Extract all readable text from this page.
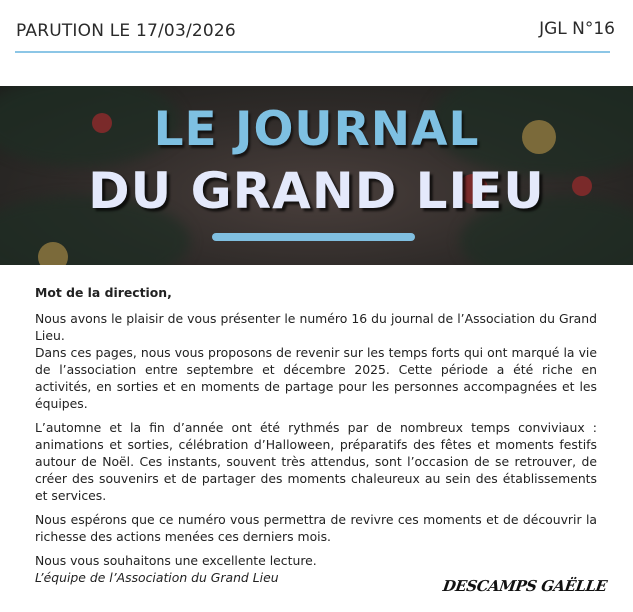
PARUTION LE 17/03/2026	JGL N°16
LE JOURNAL
DU GRAND LIEU

Mot de la direction,

Nous avons le plaisir de vous présenter le numéro 16 du journal de l’Association du Grand Lieu.

Dans ces pages, nous vous proposons de revenir sur les temps forts qui ont marqué la vie de l’association entre septembre et décembre 2025. Cette période a été riche en activités, en sorties et en moments de partage pour les personnes accompagnées et les équipes.

L’automne et la fin d’année ont été rythmés par de nombreux temps conviviaux : animations et sorties, célébration d’Halloween, préparatifs des fêtes et moments festifs autour de Noël. Ces instants, souvent très attendus, sont l’occasion de se retrouver, de créer des souvenirs et de partager des moments chaleureux au sein des établissements et services.

Nous espérons que ce numéro vous permettra de revivre ces moments et de découvrir la richesse des actions menées ces derniers mois.

Nous vous souhaitons une excellente lecture.
L’équipe de l’Association du Grand Lieu	DESCAMPS GAËLLE
